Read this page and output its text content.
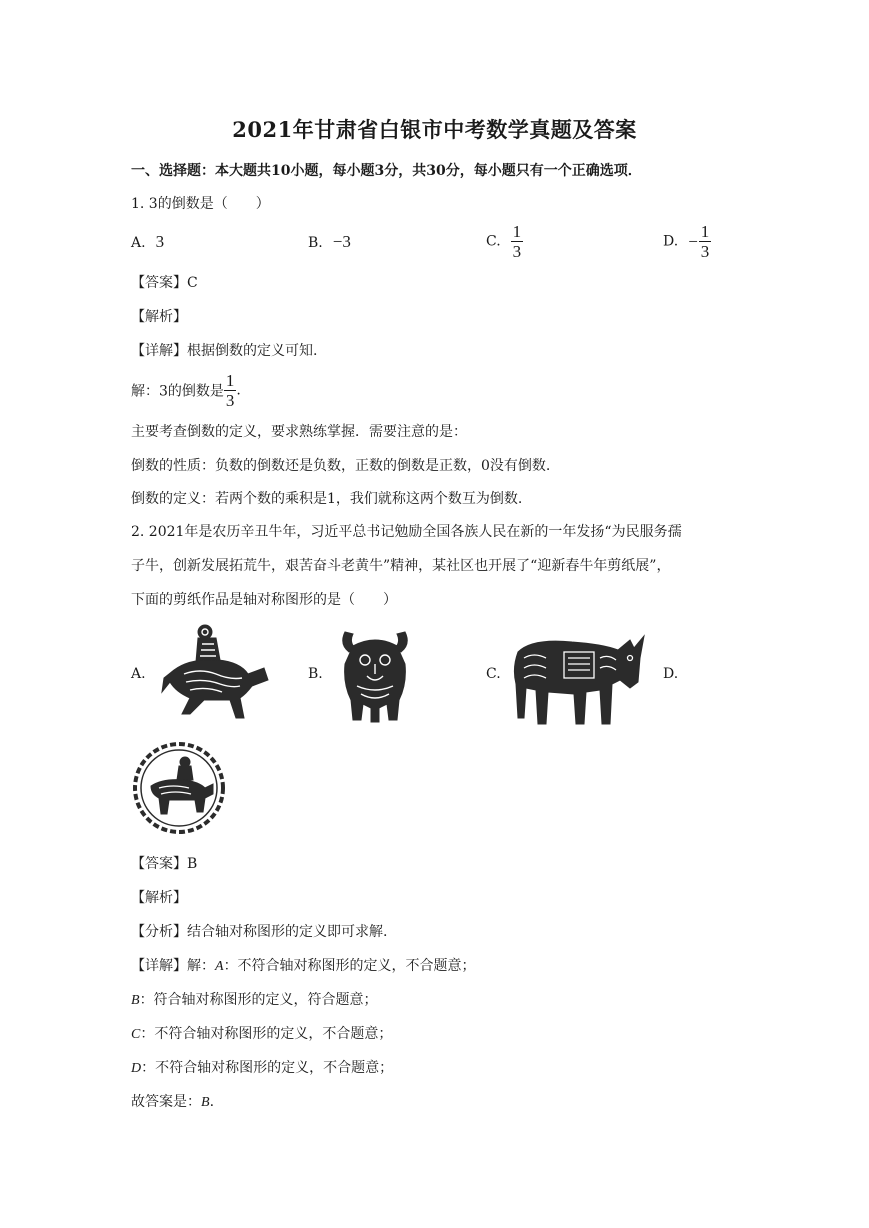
2021年甘肃省白银市中考数学真题及答案
一、选择题：本大题共10小题，每小题3分，共30分，每小题只有一个正确选项．
1. 3的倒数是（　　）
A. 3	B. −3	C. $\frac{1}{3}$	D. − $\frac{1}{3}$
【答案】C
【解析】
【详解】根据倒数的定义可知.
解：3的倒数是 $\frac{1}{3}$ .
主要考查倒数的定义，要求熟练掌握．需要注意的是：
倒数的性质：负数的倒数还是负数，正数的倒数是正数，0没有倒数.
倒数的定义：若两个数的乘积是1，我们就称这两个数互为倒数.
2. 2021年是农历辛丑牛年，习近平总书记勉励全国各族人民在新的一年发扬“为民服务孺
子牛，创新发展拓荒牛，艰苦奋斗老黄牛”精神，某社区也开展了“迎新春牛年剪纸展”，
下面的剪纸作品是轴对称图形的是（　　）
A.	B.	C.	D.
【答案】B
【解析】
【分析】结合轴对称图形的定义即可求解.
【详解】解：A：不符合轴对称图形的定义，不合题意；
B：符合轴对称图形的定义，符合题意；
C：不符合轴对称图形的定义，不合题意；
D：不符合轴对称图形的定义，不合题意；
故答案是：B.
